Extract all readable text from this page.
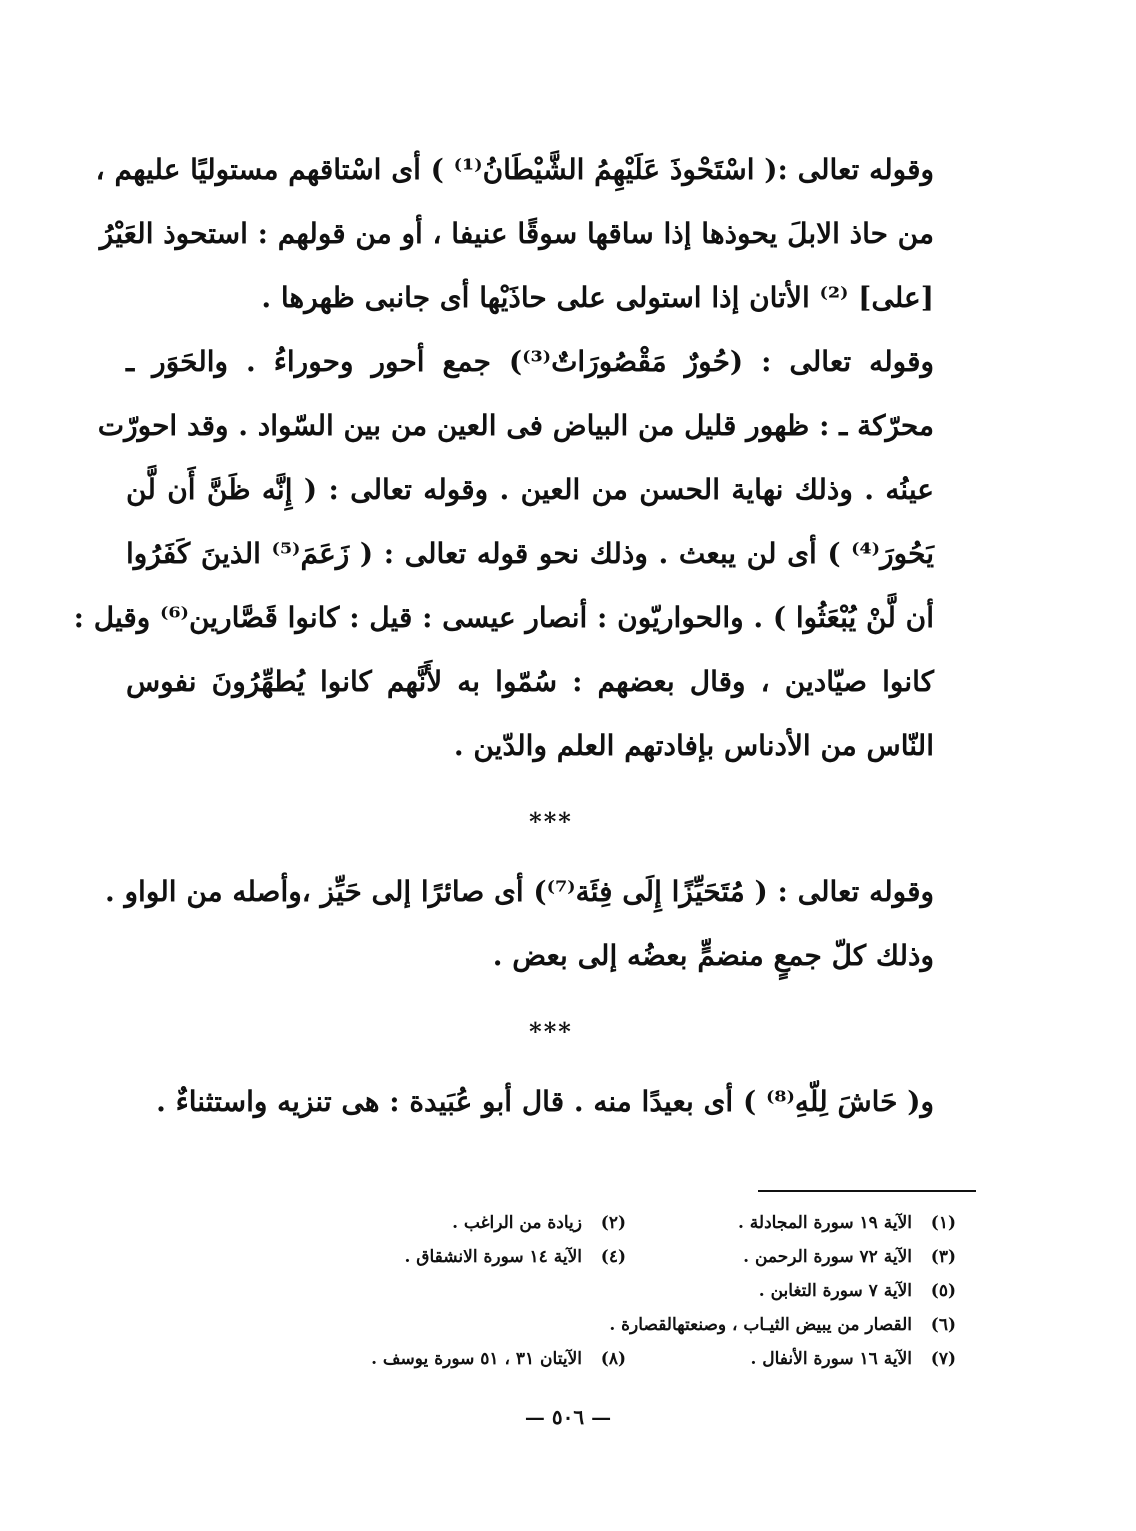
وقوله تعالى :( اسْتَحْوذَ عَلَيْهِمُ الشَّيْطَانُ⁽¹⁾ ) أى اسْتاقهم مستوليًا عليهم ،
من حاذ الابلَ يحوذها إذا ساقها سوقًا عنيفا ، أو من قولهم : استحوذ العَيْرُ
[على] ⁽²⁾ الأتان إذا استولى على حاذَيْها أى جانبى ظهرها .

وقوله تعالى : (حُورٌ مَقْصُورَاتٌ⁽³⁾) جمع أحور وحوراءُ . والحَوَر ـ
محرّكة ـ : ظهور قليل من البياض فى العين من بين السّواد . وقد احورّت
عينُه . وذلك نهاية الحسن من العين . وقوله تعالى : ( إِنَّه ظَنَّ أَن لَّن
يَحُورَ⁽⁴⁾ ) أى لن يبعث . وذلك نحو قوله تعالى : ( زَعَمَ⁽⁵⁾ الذينَ كَفَرُوا
أن لَّنْ يُبْعَثُوا ) . والحواريّون : أنصار عيسى : قيل : كانوا قَصَّارين⁽⁶⁾ وقيل :
كانوا صيّادين ، وقال بعضهم : سُمّوا به لأَنَّهم كانوا يُطهِّرُونَ نفوس
النّاس من الأدناس بإفادتهم العلم والدّين .

***

وقوله تعالى : ( مُتَحَيِّزًا إِلَى فِئَة⁽⁷⁾) أى صائرًا إلى حَيِّز ،وأصله من الواو .
وذلك كلّ جمعٍ منضمٍّ بعضُه إلى بعض .

***

و( حَاشَ لِلّهِ⁽⁸⁾ ) أى بعيدًا منه . قال أبو عُبَيدة : هى تنزيه واستثناءٌ .

(١)
الآية ١٩ سورة المجادلة .
(٢)
زيادة من الراغب .
(٣)
الآية ٧٢ سورة الرحمن .
(٤)
الآية ١٤ سورة الانشقاق .
(٥)
الآية ٧ سورة التغابن .
(٦)
القصار من يبيض الثيـاب ، وصنعتهالقصارة .
(٧)
الآية ١٦ سورة الأنفال .
(٨)
الآيتان ٣١ ، ٥١ سورة يوسف .
— ٥٠٦ —
